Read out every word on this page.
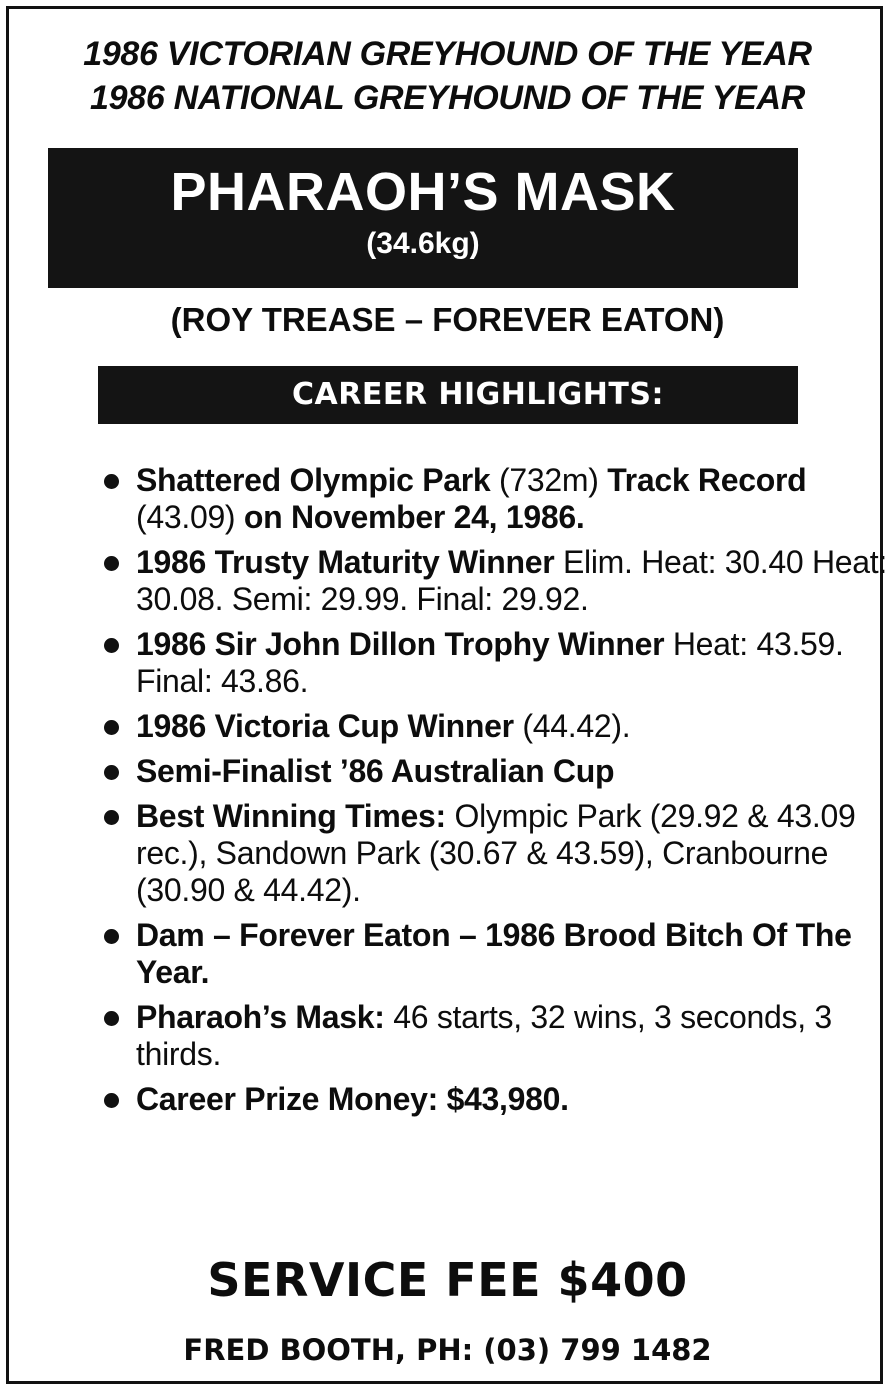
1986 VICTORIAN GREYHOUND OF THE YEAR
1986 NATIONAL GREYHOUND OF THE YEAR
PHARAOH’S MASK
(34.6kg)
(ROY TREASE – FOREVER EATON)
CAREER HIGHLIGHTS:
Shattered Olympic Park (732m) Track Record (43.09) on November 24, 1986.
1986 Trusty Maturity Winner Elim. Heat: 30.40 Heat: 30.08. Semi: 29.99. Final: 29.92.
1986 Sir John Dillon Trophy Winner Heat: 43.59. Final: 43.86.
1986 Victoria Cup Winner (44.42).
Semi-Finalist ’86 Australian Cup
Best Winning Times: Olympic Park (29.92 & 43.09 rec.), Sandown Park (30.67 & 43.59), Cranbourne (30.90 & 44.42).
Dam – Forever Eaton – 1986 Brood Bitch Of The Year.
Pharaoh’s Mask: 46 starts, 32 wins, 3 seconds, 3 thirds.
Career Prize Money: $43,980.
SERVICE FEE $400
FRED BOOTH, PH: (03) 799 1482
